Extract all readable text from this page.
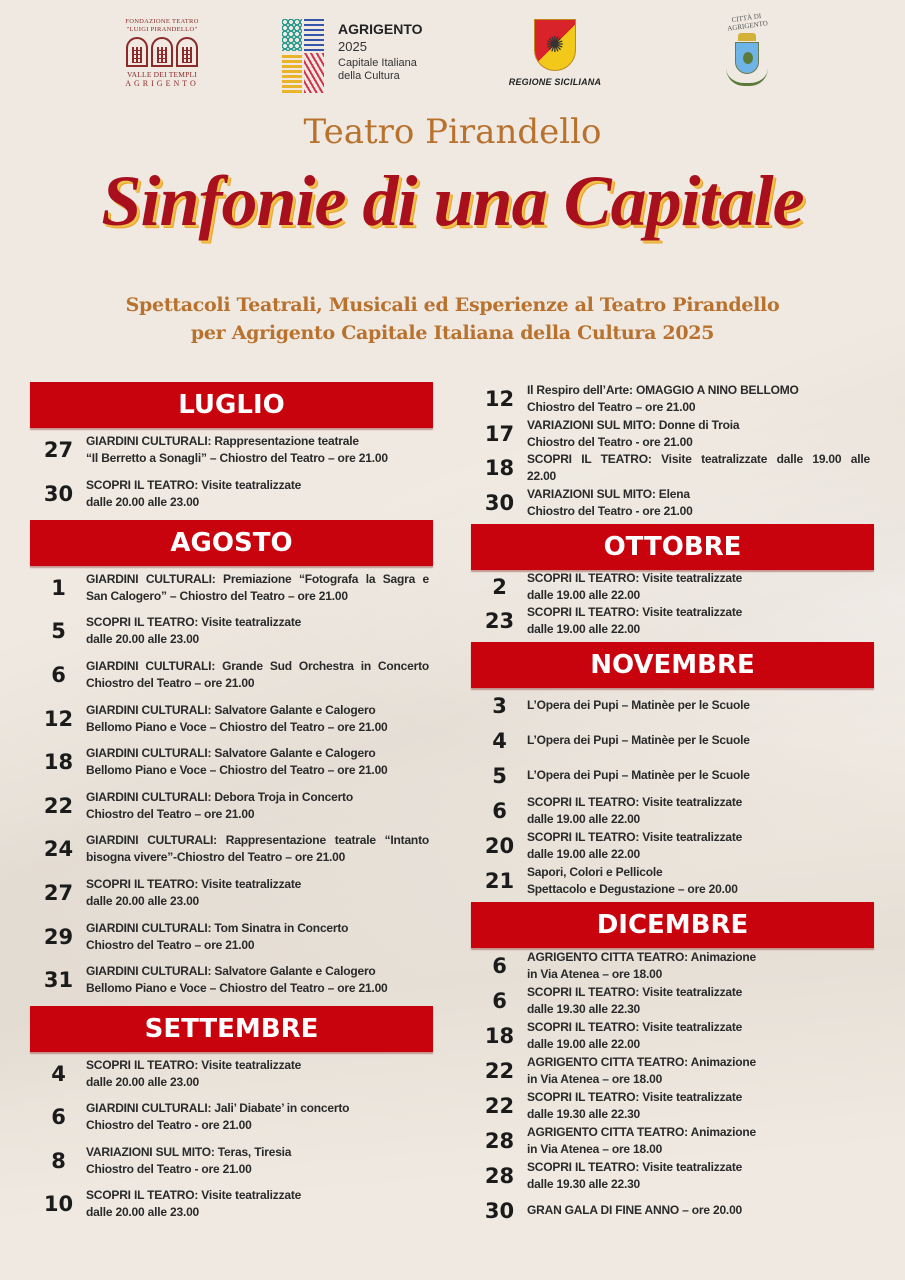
FONDAZIONE TEATRO
"LUIGI PIRANDELLO"
VALLE DEI TEMPLI
AGRIGENTO
AGRIGENTO
2025
Capitale Italiana
della Cultura
✺	REGIONE SICILIANA
CITTÀ DI AGRIGENTO
Teatro Pirandello
Sinfonie di una Capitale
Spettacoli Teatrali, Musicali ed Esperienze al Teatro Pirandello
per Agrigento Capitale Italiana della Cultura 2025
LUGLIO
27	GIARDINI CULTURALI: Rappresentazione teatrale
“Il Berretto a Sonagli” – Chiostro del Teatro – ore 21.00
30	SCOPRI IL TEATRO: Visite teatralizzate
dalle 20.00 alle 23.00
AGOSTO
1	GIARDINI CULTURALI: Premiazione “Fotografa la Sagra e
San Calogero” – Chiostro del Teatro – ore 21.00
5	SCOPRI IL TEATRO: Visite teatralizzate
dalle 20.00 alle 23.00
6	GIARDINI CULTURALI: Grande Sud Orchestra in Concerto
Chiostro del Teatro – ore 21.00
12	GIARDINI CULTURALI: Salvatore Galante e Calogero
Bellomo Piano e Voce – Chiostro del Teatro – ore 21.00
18	GIARDINI CULTURALI: Salvatore Galante e Calogero
Bellomo Piano e Voce – Chiostro del Teatro – ore 21.00
22	GIARDINI CULTURALI: Debora Troja in Concerto
Chiostro del Teatro – ore 21.00
24	GIARDINI CULTURALI: Rappresentazione teatrale “Intanto
bisogna vivere”-Chiostro del Teatro – ore 21.00
27	SCOPRI IL TEATRO: Visite teatralizzate
dalle 20.00 alle 23.00
29	GIARDINI CULTURALI: Tom Sinatra in Concerto
Chiostro del Teatro – ore 21.00
31	GIARDINI CULTURALI: Salvatore Galante e Calogero
Bellomo Piano e Voce – Chiostro del Teatro – ore 21.00
SETTEMBRE
4	SCOPRI IL TEATRO: Visite teatralizzate
dalle 20.00 alle 23.00
6	GIARDINI CULTURALI: Jali’ Diabate’ in concerto
Chiostro del Teatro - ore 21.00
8	VARIAZIONI SUL MITO: Teras, Tiresia
Chiostro del Teatro - ore 21.00
10	SCOPRI IL TEATRO: Visite teatralizzate
dalle 20.00 alle 23.00
12	Il Respiro dell’Arte: OMAGGIO A NINO BELLOMO
Chiostro del Teatro – ore 21.00
17	VARIAZIONI SUL MITO: Donne di Troia
Chiostro del Teatro - ore 21.00
18	SCOPRI IL TEATRO: Visite teatralizzate dalle 19.00 alle
22.00
30	VARIAZIONI SUL MITO: Elena
Chiostro del Teatro - ore 21.00
OTTOBRE
2	SCOPRI IL TEATRO: Visite teatralizzate
dalle 19.00 alle 22.00
23	SCOPRI IL TEATRO: Visite teatralizzate
dalle 19.00 alle 22.00
NOVEMBRE
3	L’Opera dei Pupi – Matinèe per le Scuole
4	L’Opera dei Pupi – Matinèe per le Scuole
5	L’Opera dei Pupi – Matinèe per le Scuole
6	SCOPRI IL TEATRO: Visite teatralizzate
dalle 19.00 alle 22.00
20	SCOPRI IL TEATRO: Visite teatralizzate
dalle 19.00 alle 22.00
21	Sapori, Colori e Pellicole
Spettacolo e Degustazione – ore 20.00
DICEMBRE
6	AGRIGENTO CITTA TEATRO: Animazione
in Via Atenea – ore 18.00
6	SCOPRI IL TEATRO: Visite teatralizzate
dalle 19.30 alle 22.30
18	SCOPRI IL TEATRO: Visite teatralizzate
dalle 19.00 alle 22.00
22	AGRIGENTO CITTA TEATRO: Animazione
in Via Atenea – ore 18.00
22	SCOPRI IL TEATRO: Visite teatralizzate
dalle 19.30 alle 22.30
28	AGRIGENTO CITTA TEATRO: Animazione
in Via Atenea – ore 18.00
28	SCOPRI IL TEATRO: Visite teatralizzate
dalle 19.30 alle 22.30
30	GRAN GALA DI FINE ANNO – ore 20.00
